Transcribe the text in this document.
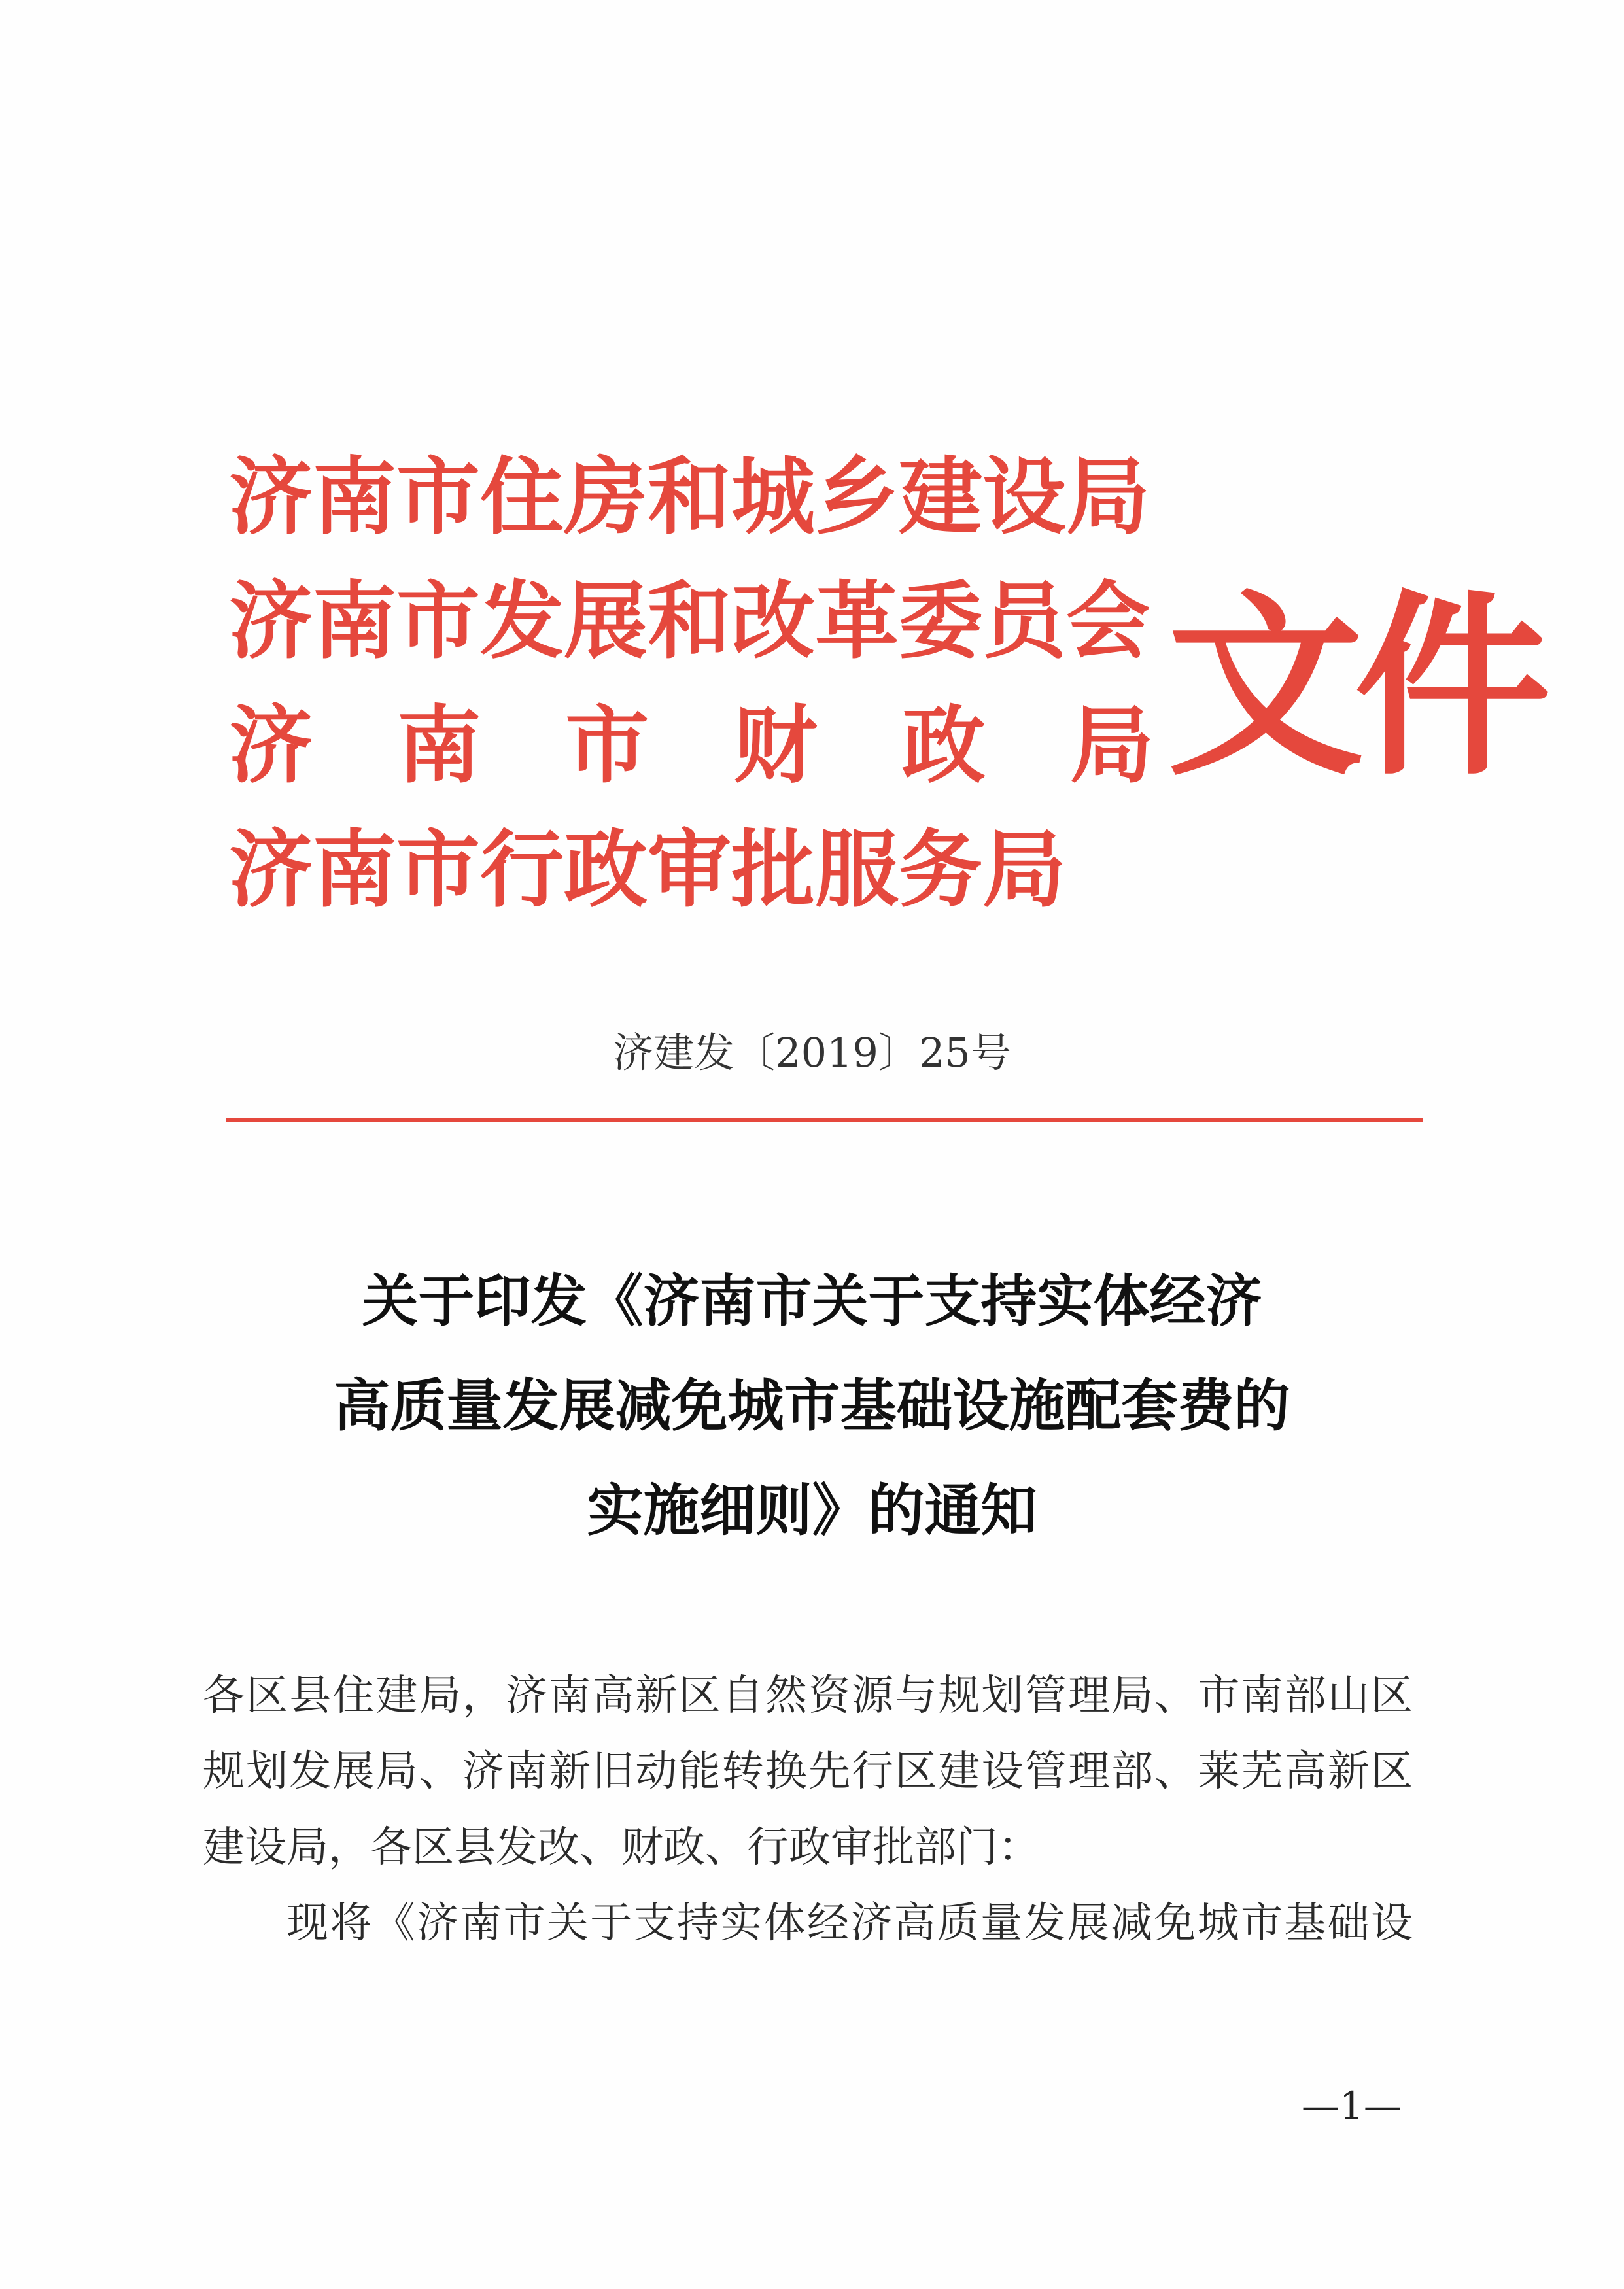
济南市住房和城乡建设局
济南市发展和改革委员会
济 南 市 财 政 局
济南市行政审批服务局
文件
济建发〔2019〕25号
关于印发《济南市关于支持实体经济
高质量发展减免城市基础设施配套费的
实施细则》的通知

各区县住建局，济南高新区自然资源与规划管理局、市南部山区

规划发展局、济南新旧动能转换先行区建设管理部、莱芜高新区

建设局，各区县发改、财政、行政审批部门：

现将《济南市关于支持实体经济高质量发展减免城市基础设

—1—
